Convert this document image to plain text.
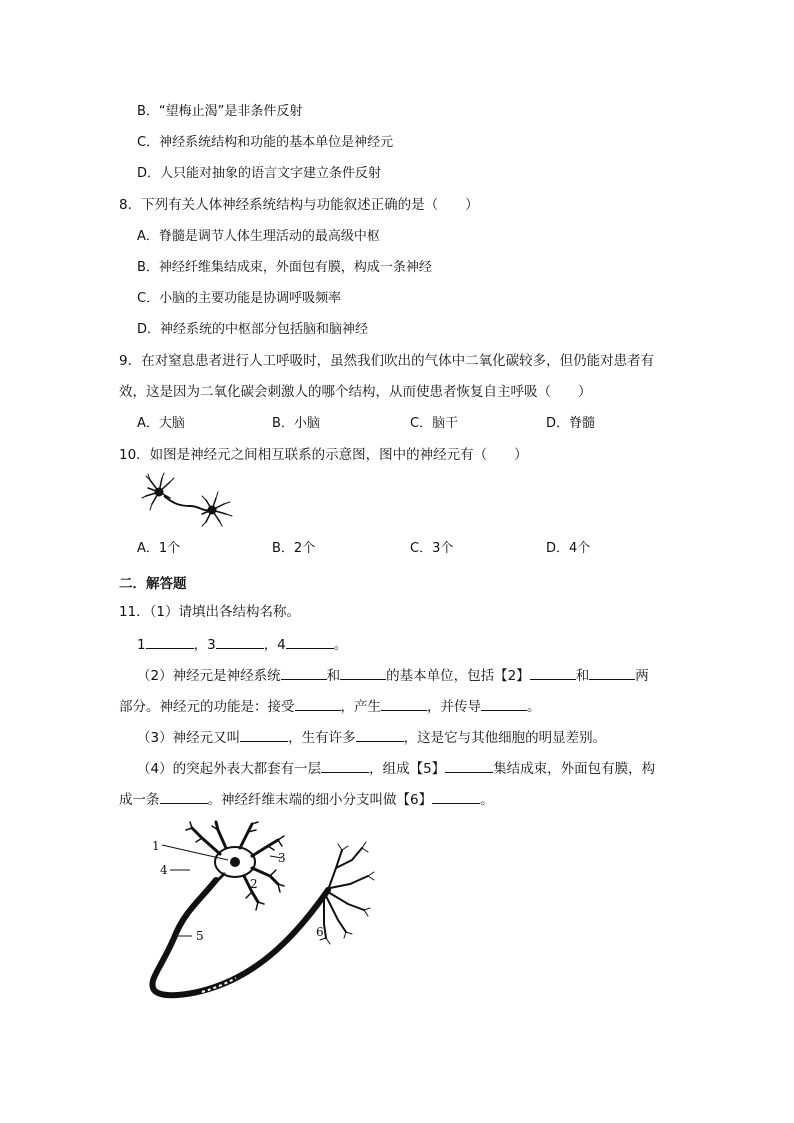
B．“望梅止渴”是非条件反射
C．神经系统结构和功能的基本单位是神经元
D．人只能对抽象的语言文字建立条件反射
8．下列有关人体神经系统结构与功能叙述正确的是（　　）
A．脊髓是调节人体生理活动的最高级中枢
B．神经纤维集结成束，外面包有膜，构成一条神经
C．小脑的主要功能是协调呼吸频率
D．神经系统的中枢部分包括脑和脑神经
9．在对窒息患者进行人工呼吸时，虽然我们吹出的气体中二氧化碳较多，但仍能对患者有
效，这是因为二氧化碳会刺激人的哪个结构，从而使患者恢复自主呼吸（　　）
A．大脑	B．小脑	C．脑干	D．脊髓
10．如图是神经元之间相互联系的示意图，图中的神经元有（　　）
A．1个	B．2个	C．3个	D．4个
二．解答题
11．（1）请填出各结构名称。
1	，3	，4	。
（2）神经元是神经系统	和	的基本单位，包括【2】	和	两
部分。神经元的功能是：接受	，产生	，并传导	。
（3）神经元又叫	，生有许多	，这是它与其他细胞的明显差别。
（4）的突起外表大都套有一层	，组成【5】	集结成束，外面包有膜，构
成一条	。神经纤维末端的细小分支叫做【6】	。
1
2
3
4
5	6
